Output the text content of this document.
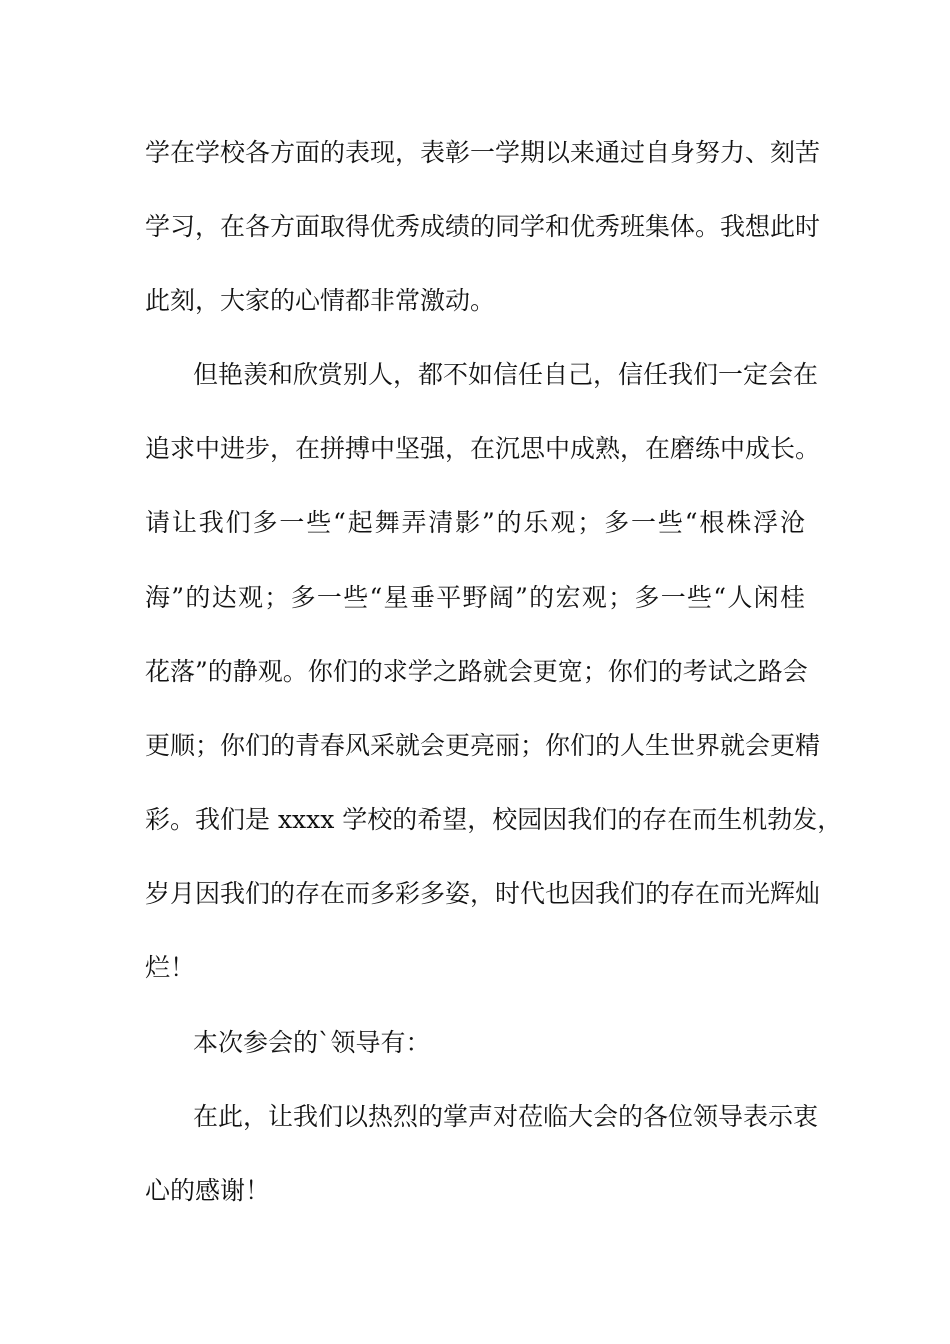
学在学校各方面的表现，表彰一学期以来通过自身努力、刻苦
学习，在各方面取得优秀成绩的同学和优秀班集体。我想此时
此刻，大家的心情都非常激动。
但艳羡和欣赏别人，都不如信任自己，信任我们一定会在
追求中进步，在拼搏中坚强，在沉思中成熟，在磨练中成长。
请让我们多一些“起舞弄清影”的乐观；多一些“根株浮沧
海”的达观；多一些“星垂平野阔”的宏观；多一些“人闲桂
花落”的静观。你们的求学之路就会更宽；你们的考试之路会
更顺；你们的青春风采就会更亮丽；你们的人生世界就会更精
彩。我们是 xxxx 学校的希望，校园因我们的存在而生机勃发，
岁月因我们的存在而多彩多姿，时代也因我们的存在而光辉灿
烂！
本次参会的`领导有：
在此，让我们以热烈的掌声对莅临大会的各位领导表示衷
心的感谢！
